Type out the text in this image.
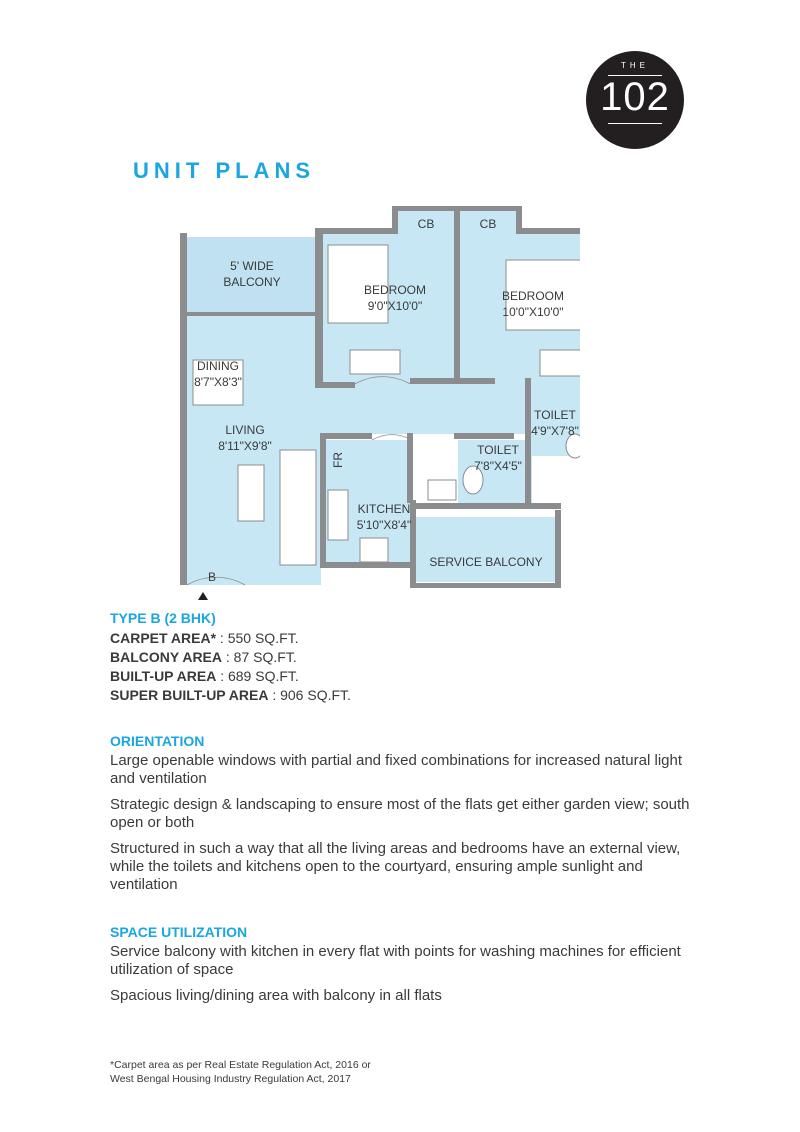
THE
102
UNIT PLANS
5' WIDE
BALCONY
CB	CB
BEDROOM
9'0"X10'0"
BEDROOM
10'0"X10'0"
DINING
8'7"X8'3"
LIVING
8'11"X9'8"
TOILET
4'9"X7'8"
TOILET
7'8"X4'5"
FR
KITCHEN
5'10"X8'4"
SERVICE BALCONY
B

TYPE B (2 BHK)

CARPET AREA* : 550 SQ.FT.
BALCONY AREA : 87 SQ.FT.
BUILT-UP AREA : 689 SQ.FT.
SUPER BUILT-UP AREA : 906 SQ.FT.

ORIENTATION

Large openable windows with partial and fixed combinations for increased natural light and ventilation

Strategic design & landscaping to ensure most of the flats get either garden view; south open or both

Structured in such a way that all the living areas and bedrooms have an external view, while the toilets and kitchens open to the courtyard, ensuring ample sunlight and ventilation

SPACE UTILIZATION

Service balcony with kitchen in every flat with points for washing machines for efficient utilization of space

Spacious living/dining area with balcony in all flats

*Carpet area as per Real Estate Regulation Act, 2016 or
West Bengal Housing Industry Regulation Act, 2017
